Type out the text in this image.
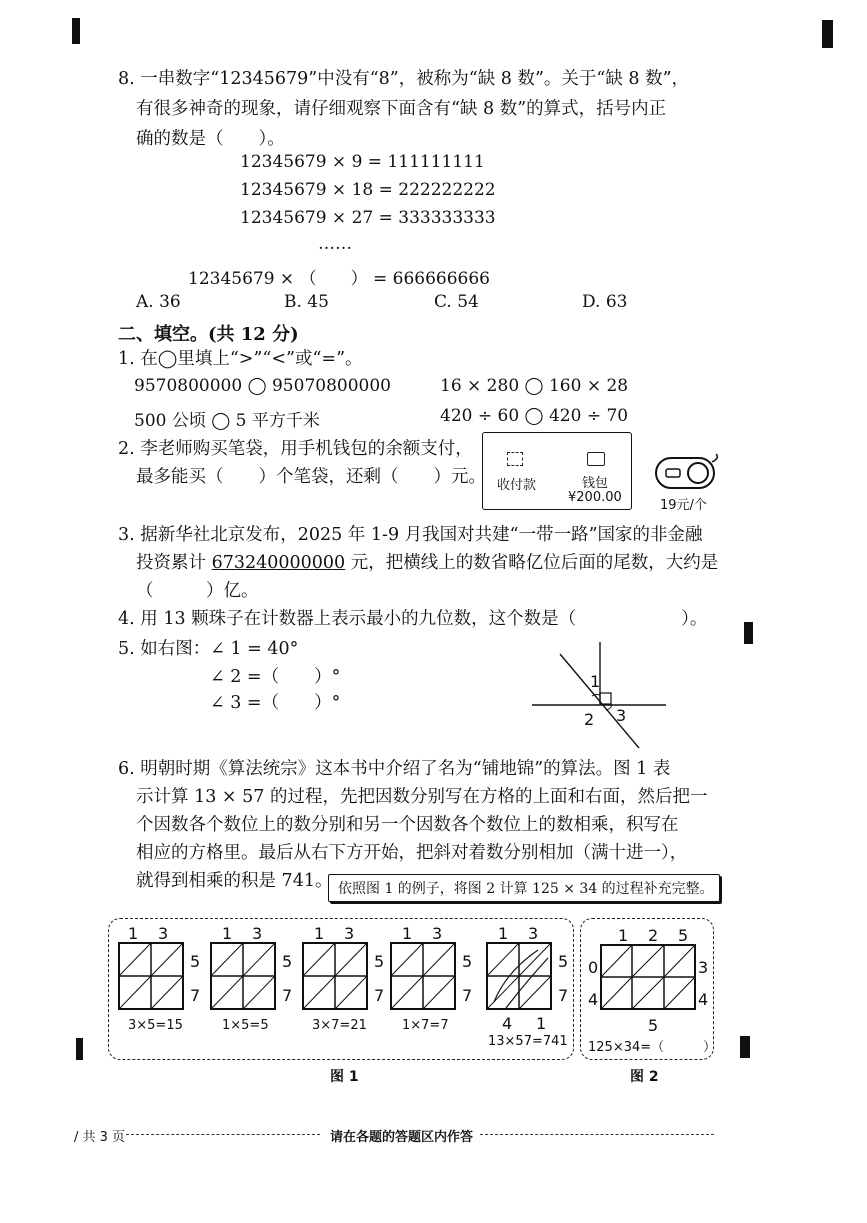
8. 一串数字“12345679”中没有“8”，被称为“缺 8 数”。关于“缺 8 数”，
有很多神奇的现象，请仔细观察下面含有“缺 8 数”的算式，括号内正
确的数是（　　）。
12345679 × 9 = 111111111
12345679 × 18 = 222222222
12345679 × 27 = 333333333
……
12345679 × （　　） = 666666666
A. 36	B. 45	C. 54	D. 63
二、填空。(共 12 分)
1. 在◯里填上“>”“<”或“=”。
9570800000 ◯ 95070800000	16 × 280 ◯ 160 × 28
500 公顷 ◯ 5 平方千米	420 ÷ 60 ◯ 420 ÷ 70
2. 李老师购买笔袋，用手机钱包的余额支付，
最多能买（　　）个笔袋，还剩（　　）元。 收付款	钱包
¥200.00
19元/个
3. 据新华社北京发布，2025 年 1-9 月我国对共建“一带一路”国家的非金融
投资累计 673240000000 元，把横线上的数省略亿位后面的尾数，大约是
（　　　）亿。
4. 用 13 颗珠子在计数器上表示最小的九位数，这个数是（　　　　　　）。
5. 如右图：∠ 1 = 40°
∠ 2 =（　　）°
∠ 3 =（　　）°
1
2 3
6. 明朝时期《算法统宗》这本书中介绍了名为“铺地锦”的算法。图 1 表
示计算 13 × 57 的过程，先把因数分别写在方格的上面和右面，然后把一
个因数各个数位上的数分别和另一个因数各个数位上的数相乘，积写在
相应的方格里。最后从右下方开始，把斜对着数分别相加（满十进一），
就得到相乘的积是 741。 依照图 1 的例子，将图 2 计算 125 × 34 的过程补充完整。
1 3
5
7
3×5=15
1 3
5
7
1×5=5
1 3
5
7
3×7=21
1 3
5
7
1×7=7
1 3
5
7
4 1
13×57=741
图 1
1 2 5
3
4
0
4
5
125×34=（　　　）
图 2
/ 共 3 页	请在各题的答题区内作答
